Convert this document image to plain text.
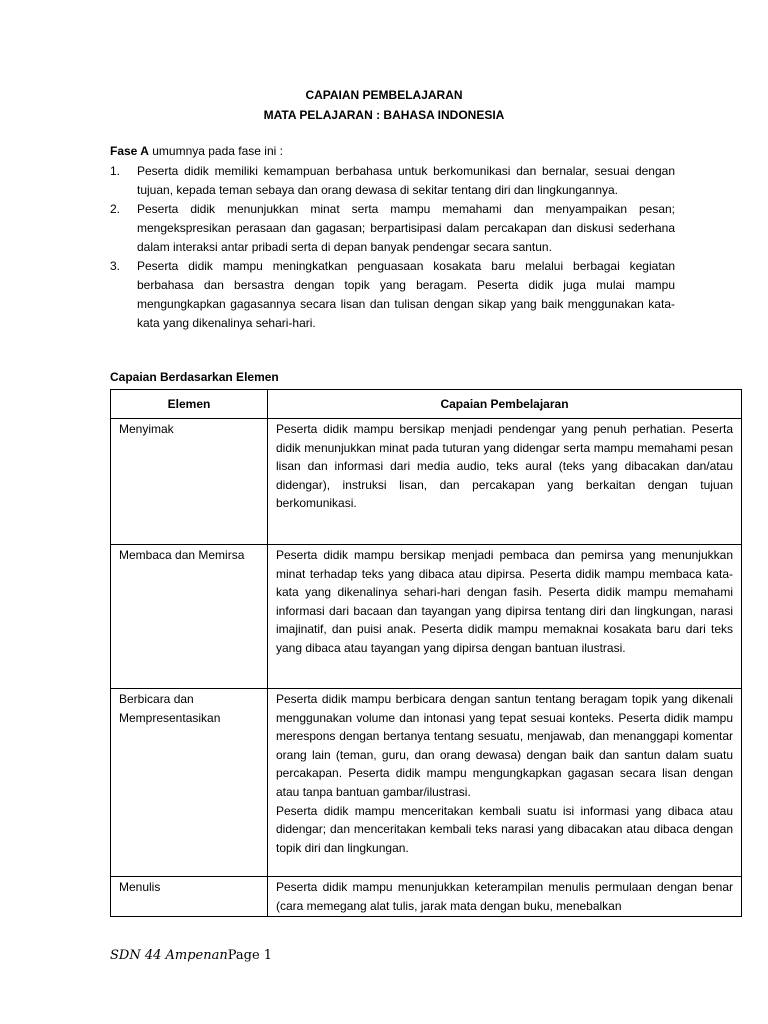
CAPAIAN PEMBELAJARAN
MATA PELAJARAN : BAHASA INDONESIA
Fase A umumnya pada fase ini :
1. Peserta didik memiliki kemampuan berbahasa untuk berkomunikasi dan bernalar, sesuai dengan tujuan, kepada teman sebaya dan orang dewasa di sekitar tentang diri dan lingkungannya.
2. Peserta didik menunjukkan minat serta mampu memahami dan menyampaikan pesan; mengekspresikan perasaan dan gagasan; berpartisipasi dalam percakapan dan diskusi sederhana dalam interaksi antar pribadi serta di depan banyak pendengar secara santun.
3. Peserta didik mampu meningkatkan penguasaan kosakata baru melalui berbagai kegiatan berbahasa dan bersastra dengan topik yang beragam. Peserta didik juga mulai mampu mengungkapkan gagasannya secara lisan dan tulisan dengan sikap yang baik menggunakan kata-kata yang dikenalinya sehari-hari.
Capaian Berdasarkan Elemen
Elemen	Capaian Pembelajaran
Menyimak	Peserta didik mampu bersikap menjadi pendengar yang penuh perhatian. Peserta didik menunjukkan minat pada tuturan yang didengar serta mampu memahami pesan lisan dan informasi dari media audio, teks aural (teks yang dibacakan dan/atau didengar), instruksi lisan, dan percakapan yang berkaitan dengan tujuan berkomunikasi.
Membaca dan Memirsa	Peserta didik mampu bersikap menjadi pembaca dan pemirsa yang menunjukkan minat terhadap teks yang dibaca atau dipirsa. Peserta didik mampu membaca kata-kata yang dikenalinya sehari-hari dengan fasih. Peserta didik mampu memahami informasi dari bacaan dan tayangan yang dipirsa tentang diri dan lingkungan, narasi imajinatif, dan puisi anak. Peserta didik mampu memaknai kosakata baru dari teks yang dibaca atau tayangan yang dipirsa dengan bantuan ilustrasi.
Berbicara dan Mempresentasikan	Peserta didik mampu berbicara dengan santun tentang beragam topik yang dikenali menggunakan volume dan intonasi yang tepat sesuai konteks. Peserta didik mampu merespons dengan bertanya tentang sesuatu, menjawab, dan menanggapi komentar orang lain (teman, guru, dan orang dewasa) dengan baik dan santun dalam suatu percakapan. Peserta didik mampu mengungkapkan gagasan secara lisan dengan atau tanpa bantuan gambar/ilustrasi.
Peserta didik mampu menceritakan kembali suatu isi informasi yang dibaca atau didengar; dan menceritakan kembali teks narasi yang dibacakan atau dibaca dengan topik diri dan lingkungan.

Menulis	Peserta didik mampu menunjukkan keterampilan menulis permulaan dengan benar (cara memegang alat tulis, jarak mata dengan buku, menebalkan
SDN 44 AmpenanPage 1
